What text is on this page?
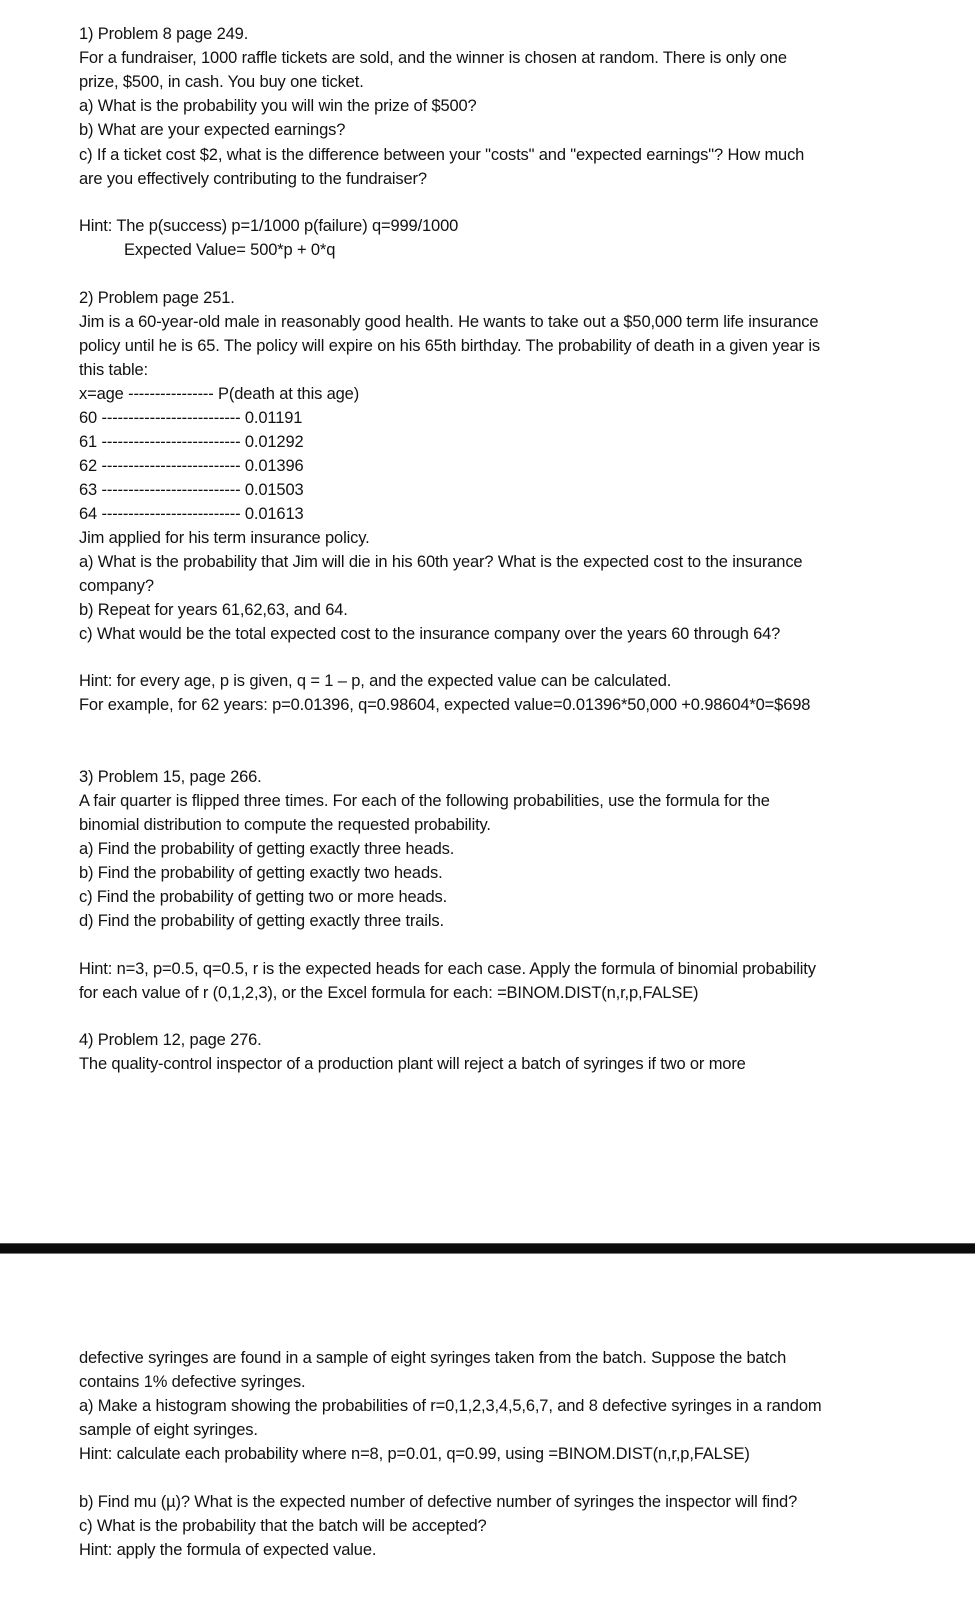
1) Problem 8 page 249.
For a fundraiser, 1000 raffle tickets are sold, and the winner is chosen at random. There is only one
prize, $500, in cash. You buy one ticket.
a) What is the probability you will win the prize of $500?
b) What are your expected earnings?
c) If a ticket cost $2, what is the difference between your "costs" and "expected earnings"? How much
are you effectively contributing to the fundraiser?
Hint: The p(success) p=1/1000 p(failure) q=999/1000
Expected Value= 500*p + 0*q
2) Problem page 251.
Jim is a 60-year-old male in reasonably good health. He wants to take out a $50,000 term life insurance
policy until he is 65. The policy will expire on his 65th birthday. The probability of death in a given year is
this table:
x=age ---------------- P(death at this age)
60 -------------------------- 0.01191
61 -------------------------- 0.01292
62 -------------------------- 0.01396
63 -------------------------- 0.01503
64 -------------------------- 0.01613
Jim applied for his term insurance policy.
a) What is the probability that Jim will die in his 60th year? What is the expected cost to the insurance
company?
b) Repeat for years 61,62,63, and 64.
c) What would be the total expected cost to the insurance company over the years 60 through 64?
Hint: for every age, p is given, q = 1 – p, and the expected value can be calculated.
For example, for 62 years: p=0.01396, q=0.98604, expected value=0.01396*50,000 +0.98604*0=$698
3) Problem 15, page 266.
A fair quarter is flipped three times. For each of the following probabilities, use the formula for the
binomial distribution to compute the requested probability.
a) Find the probability of getting exactly three heads.
b) Find the probability of getting exactly two heads.
c) Find the probability of getting two or more heads.
d) Find the probability of getting exactly three trails.
Hint: n=3, p=0.5, q=0.5, r is the expected heads for each case. Apply the formula of binomial probability
for each value of r (0,1,2,3), or the Excel formula for each: =BINOM.DIST(n,r,p,FALSE)
4) Problem 12, page 276.
The quality-control inspector of a production plant will reject a batch of syringes if two or more
defective syringes are found in a sample of eight syringes taken from the batch. Suppose the batch
contains 1% defective syringes.
a) Make a histogram showing the probabilities of r=0,1,2,3,4,5,6,7, and 8 defective syringes in a random
sample of eight syringes.
Hint: calculate each probability where n=8, p=0.01, q=0.99, using =BINOM.DIST(n,r,p,FALSE)
b) Find mu (µ)? What is the expected number of defective number of syringes the inspector will find?
c) What is the probability that the batch will be accepted?
Hint: apply the formula of expected value.
